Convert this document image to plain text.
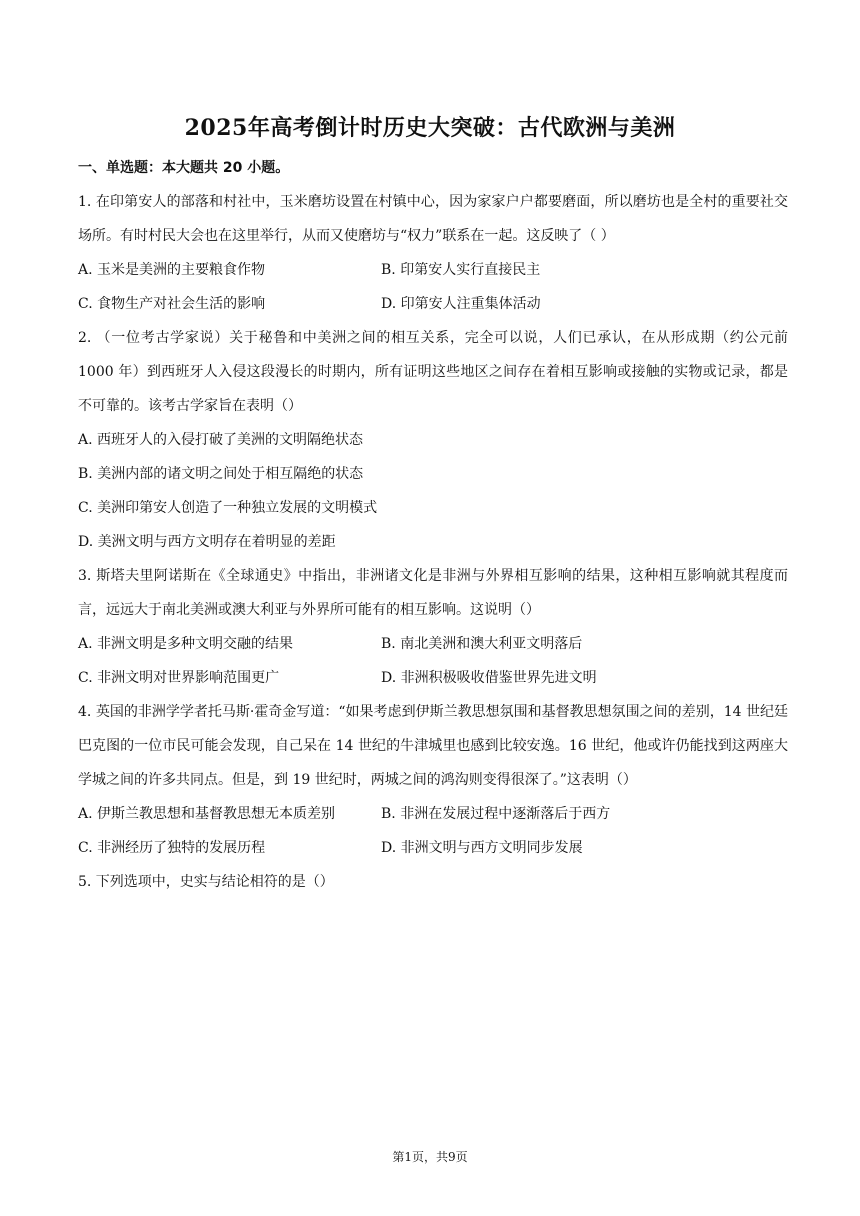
2025年高考倒计时历史大突破：古代欧洲与美洲
一、单选题：本大题共 20 小题。

1. 在印第安人的部落和村社中，玉米磨坊设置在村镇中心，因为家家户户都要磨面，所以磨坊也是全村的重要社交场所。有时村民大会也在这里举行，从而又使磨坊与“权力”联系在一起。这反映了（ ）

A. 玉米是美洲的主要粮食作物	B. 印第安人实行直接民主
C. 食物生产对社会生活的影响	D. 印第安人注重集体活动

2. （一位考古学家说）关于秘鲁和中美洲之间的相互关系，完全可以说，人们已承认，在从形成期（约公元前 1000 年）到西班牙人入侵这段漫长的时期内，所有证明这些地区之间存在着相互影响或接触的实物或记录，都是不可靠的。该考古学家旨在表明（）

A. 西班牙人的入侵打破了美洲的文明隔绝状态
B. 美洲内部的诸文明之间处于相互隔绝的状态
C. 美洲印第安人创造了一种独立发展的文明模式
D. 美洲文明与西方文明存在着明显的差距

3. 斯塔夫里阿诺斯在《全球通史》中指出，非洲诸文化是非洲与外界相互影响的结果，这种相互影响就其程度而言，远远大于南北美洲或澳大利亚与外界所可能有的相互影响。这说明（）

A. 非洲文明是多种文明交融的结果	B. 南北美洲和澳大利亚文明落后
C. 非洲文明对世界影响范围更广	D. 非洲积极吸收借鉴世界先进文明

4. 英国的非洲学学者托马斯·霍奇金写道：“如果考虑到伊斯兰教思想氛围和基督教思想氛围之间的差别，14 世纪廷巴克图的一位市民可能会发现，自己呆在 14 世纪的牛津城里也感到比较安逸。16 世纪，他或许仍能找到这两座大学城之间的许多共同点。但是，到 19 世纪时，两城之间的鸿沟则变得很深了。”这表明（）

A. 伊斯兰教思想和基督教思想无本质差别	B. 非洲在发展过程中逐渐落后于西方
C. 非洲经历了独特的发展历程	D. 非洲文明与西方文明同步发展

5. 下列选项中，史实与结论相符的是（）

第1页，共9页
